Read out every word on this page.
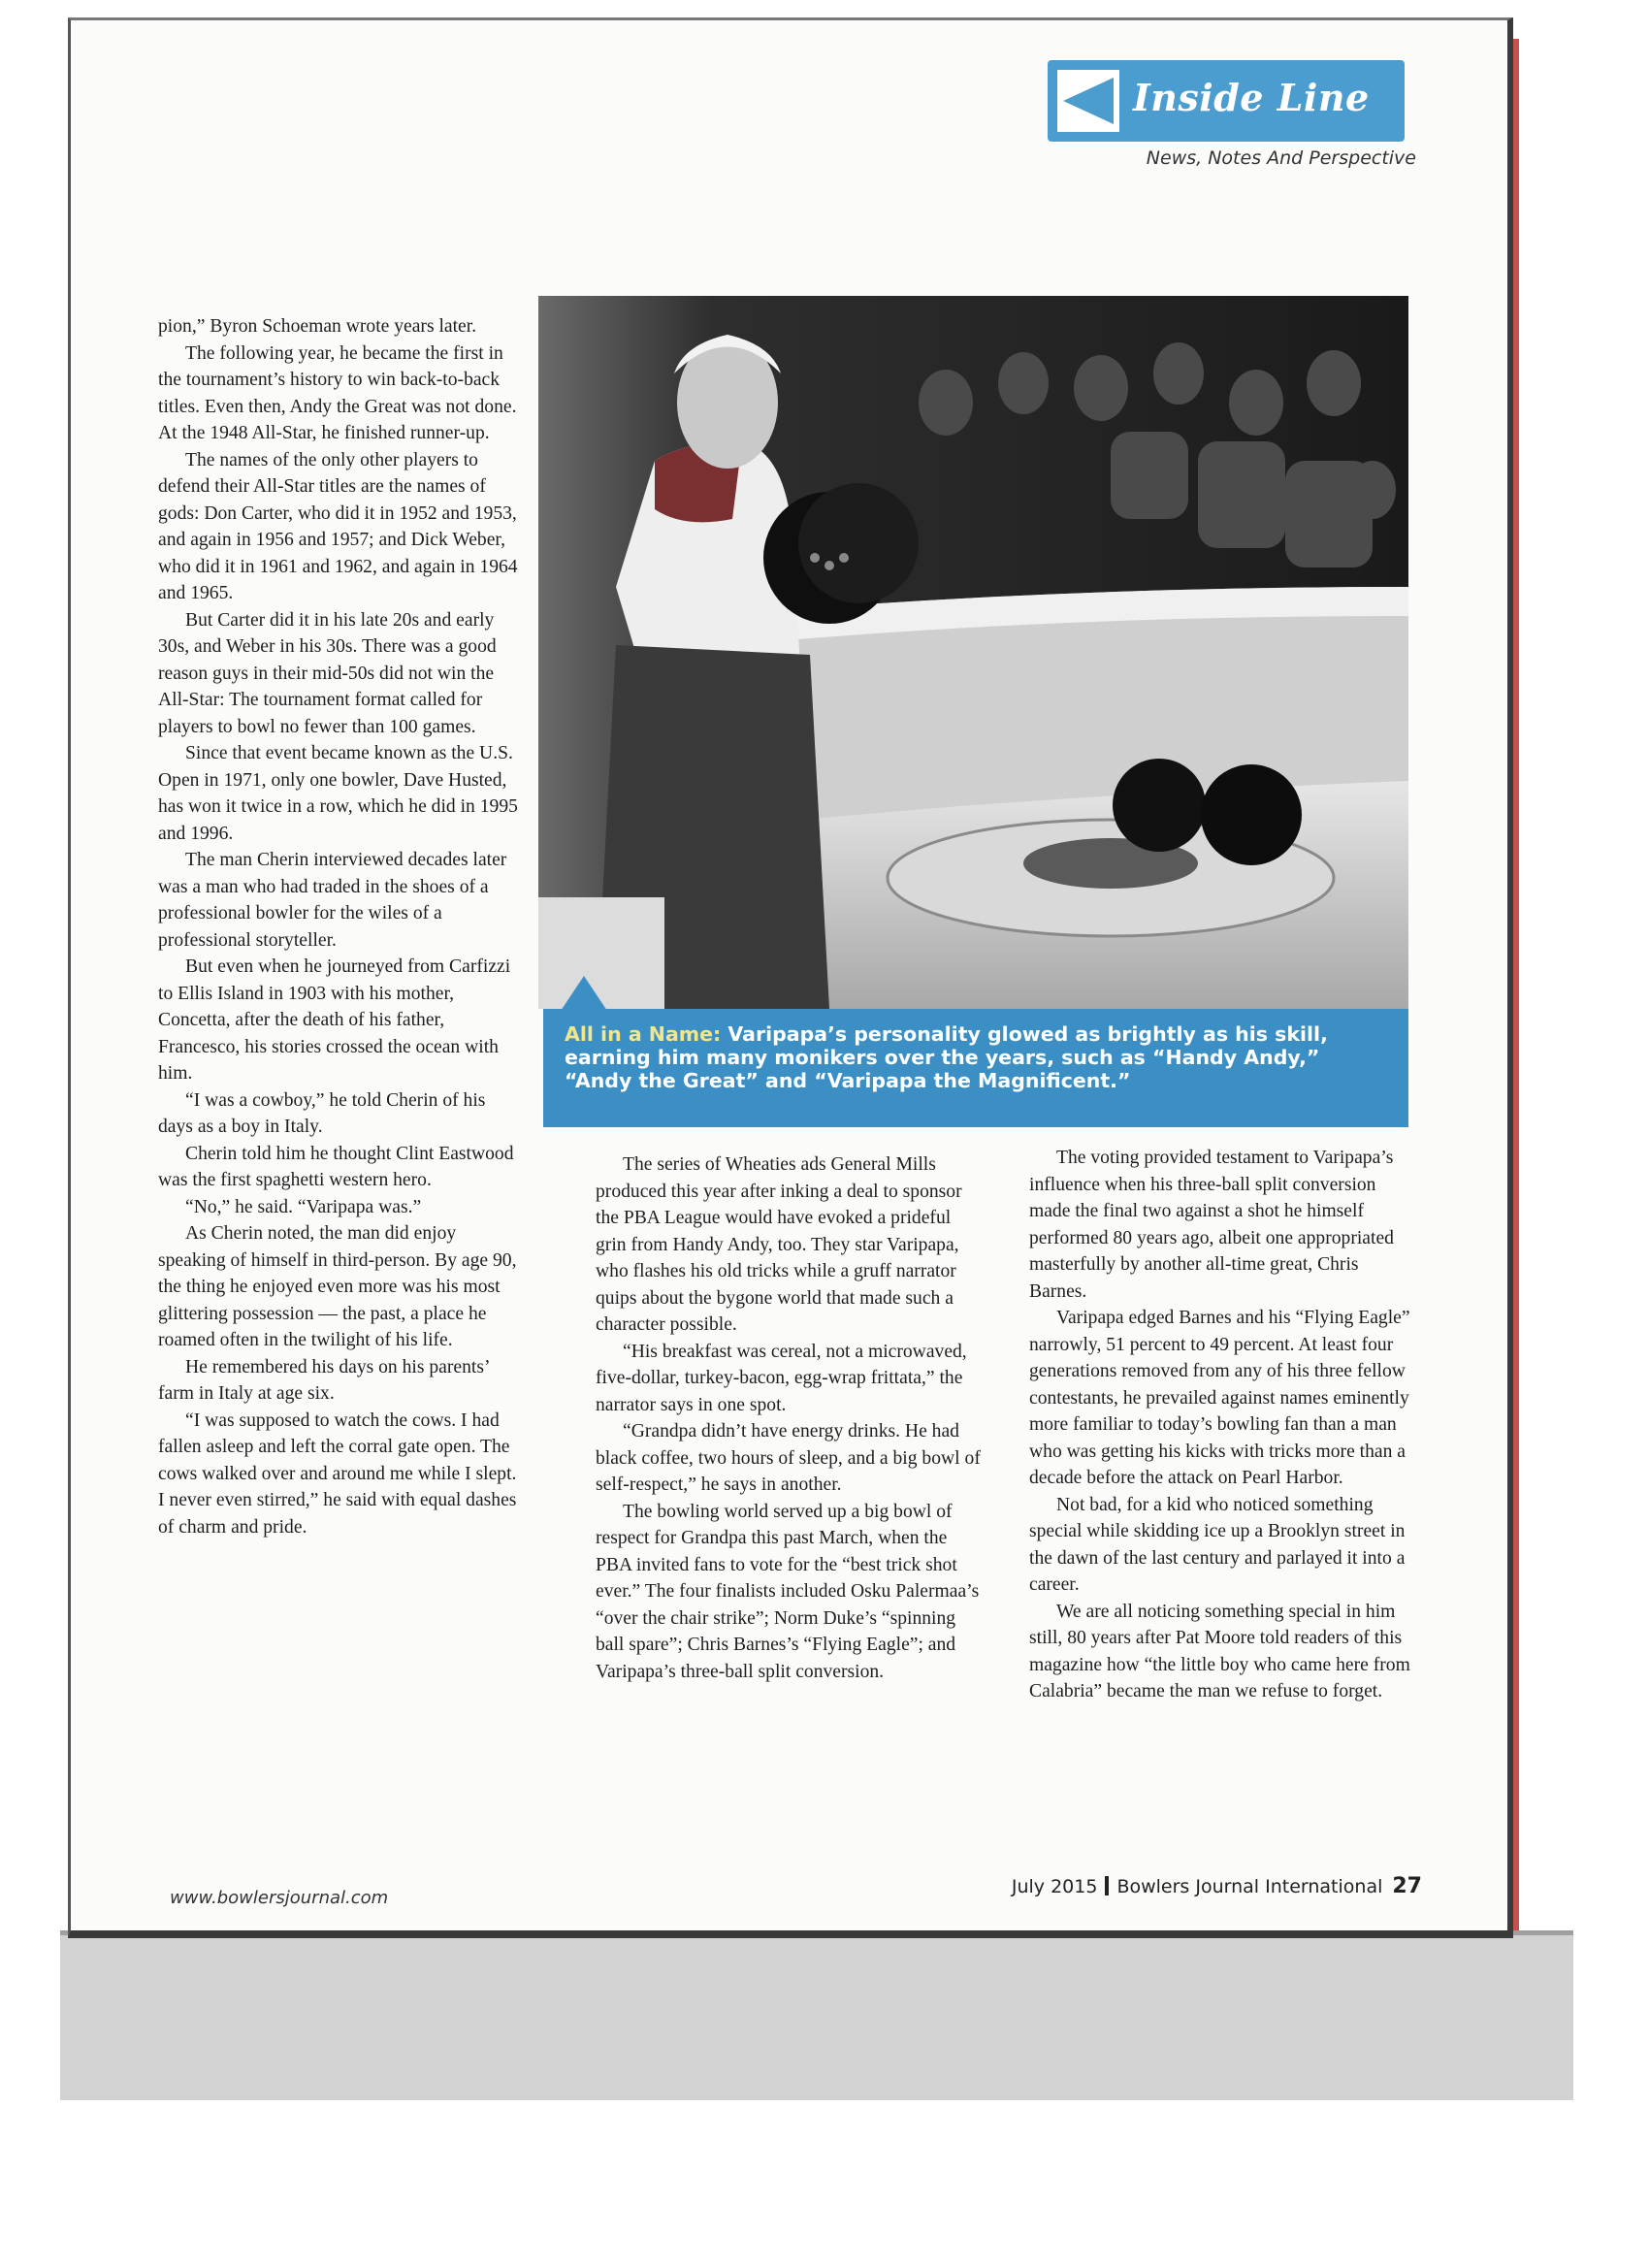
Inside Line
News, Notes And Perspective
All in a Name: Varipapa’s personality glowed as brightly as his skill, earning him many monikers over the years, such as “Handy Andy,” “Andy the Great” and “Varipapa the Magnificent.”

pion,” Byron Schoeman wrote years later.

The following year, he became the first in the tournament’s history to win back-to-back titles. Even then, Andy the Great was not done. At the 1948 All-Star, he finished runner-up.

The names of the only other players to defend their All-Star titles are the names of gods: Don Carter, who did it in 1952 and 1953, and again in 1956 and 1957; and Dick Weber, who did it in 1961 and 1962, and again in 1964 and 1965.

But Carter did it in his late 20s and early 30s, and Weber in his 30s. There was a good reason guys in their mid-50s did not win the All-Star: The tournament format called for players to bowl no fewer than 100 games.

Since that event became known as the U.S. Open in 1971, only one bowler, Dave Husted, has won it twice in a row, which he did in 1995 and 1996.

The man Cherin interviewed decades later was a man who had traded in the shoes of a professional bowler for the wiles of a professional storyteller.

But even when he journeyed from Carfizzi to Ellis Island in 1903 with his mother, Concetta, after the death of his father, Francesco, his stories crossed the ocean with him.

“I was a cowboy,” he told Cherin of his days as a boy in Italy.

Cherin told him he thought Clint Eastwood was the first spaghetti western hero.

“No,” he said. “Varipapa was.”

As Cherin noted, the man did enjoy speaking of himself in third-person. By age 90, the thing he enjoyed even more was his most glittering possession — the past, a place he roamed often in the twilight of his life.

He remembered his days on his parents’ farm in Italy at age six.

“I was supposed to watch the cows. I had fallen asleep and left the corral gate open. The cows walked over and around me while I slept. I never even stirred,” he said with equal dashes of charm and pride.

The series of Wheaties ads General Mills produced this year after inking a deal to sponsor the PBA League would have evoked a prideful grin from Handy Andy, too. They star Varipapa, who flashes his old tricks while a gruff narrator quips about the bygone world that made such a character possible.

“His breakfast was cereal, not a microwaved, five-dollar, turkey-bacon, egg-wrap frittata,” the narrator says in one spot.

“Grandpa didn’t have energy drinks. He had black coffee, two hours of sleep, and a big bowl of self-respect,” he says in another.

The bowling world served up a big bowl of respect for Grandpa this past March, when the PBA invited fans to vote for the “best trick shot ever.” The four finalists included Osku Palermaa’s “over the chair strike”; Norm Duke’s “spinning ball spare”; Chris Barnes’s “Flying Eagle”; and Varipapa’s three-ball split conversion.

The voting provided testament to Varipapa’s influence when his three-ball split conversion made the final two against a shot he himself performed 80 years ago, albeit one appropriated masterfully by another all-time great, Chris Barnes.

Varipapa edged Barnes and his “Flying Eagle” narrowly, 51 percent to 49 percent. At least four generations removed from any of his three fellow contestants, he prevailed against names eminently more familiar to today’s bowling fan than a man who was getting his kicks with tricks more than a decade before the attack on Pearl Harbor.

Not bad, for a kid who noticed something special while skidding ice up a Brooklyn street in the dawn of the last century and parlayed it into a career.

We are all noticing something special in him still, 80 years after Pat Moore told readers of this magazine how “the little boy who came here from Calabria” became the man we refuse to forget.

www.bowlersjournal.com
July 2015 Bowlers Journal International 27
